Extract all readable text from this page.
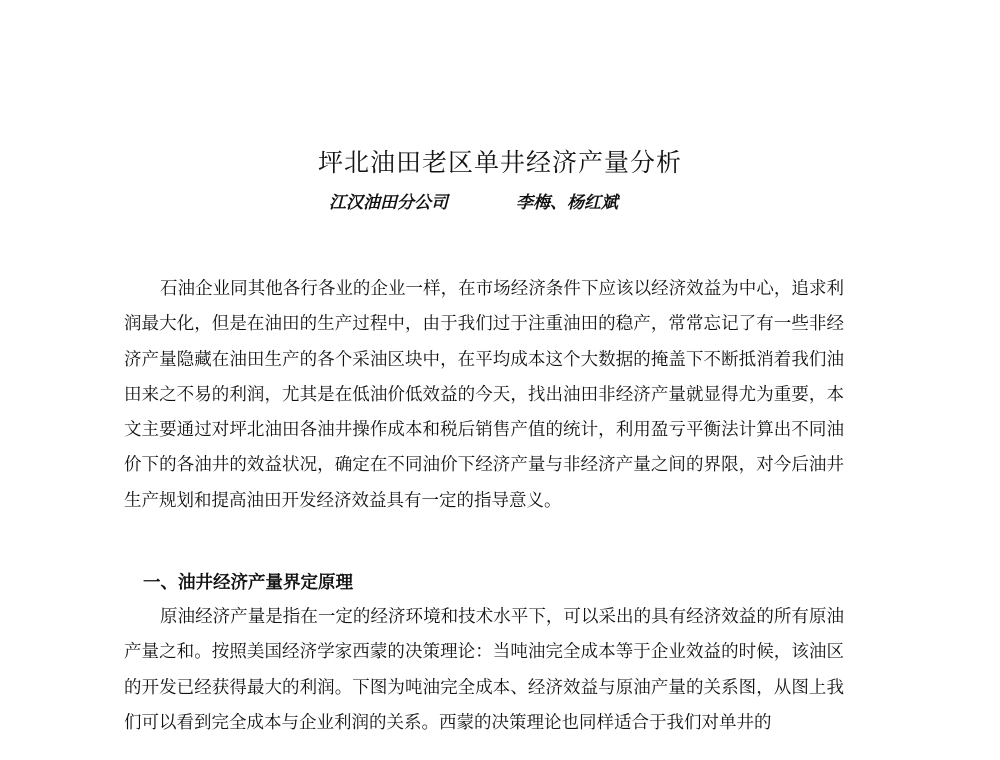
坪北油田老区单井经济产量分析
江汉油田分公司	李梅、杨红斌

石油企业同其他各行各业的企业一样，在市场经济条件下应该以经济效益为中心，追求利润最大化，但是在油田的生产过程中，由于我们过于注重油田的稳产，常常忘记了有一些非经济产量隐藏在油田生产的各个采油区块中，在平均成本这个大数据的掩盖下不断抵消着我们油田来之不易的利润，尤其是在低油价低效益的今天，找出油田非经济产量就显得尤为重要，本文主要通过对坪北油田各油井操作成本和税后销售产值的统计，利用盈亏平衡法计算出不同油价下的各油井的效益状况，确定在不同油价下经济产量与非经济产量之间的界限，对今后油井生产规划和提高油田开发经济效益具有一定的指导意义。

一、油井经济产量界定原理

原油经济产量是指在一定的经济环境和技术水平下，可以采出的具有经济效益的所有原油产量之和。按照美国经济学家西蒙的决策理论：当吨油完全成本等于企业效益的时候，该油区的开发已经获得最大的利润。下图为吨油完全成本、经济效益与原油产量的关系图，从图上我们可以看到完全成本与企业利润的关系。西蒙的决策理论也同样适合于我们对单井的
